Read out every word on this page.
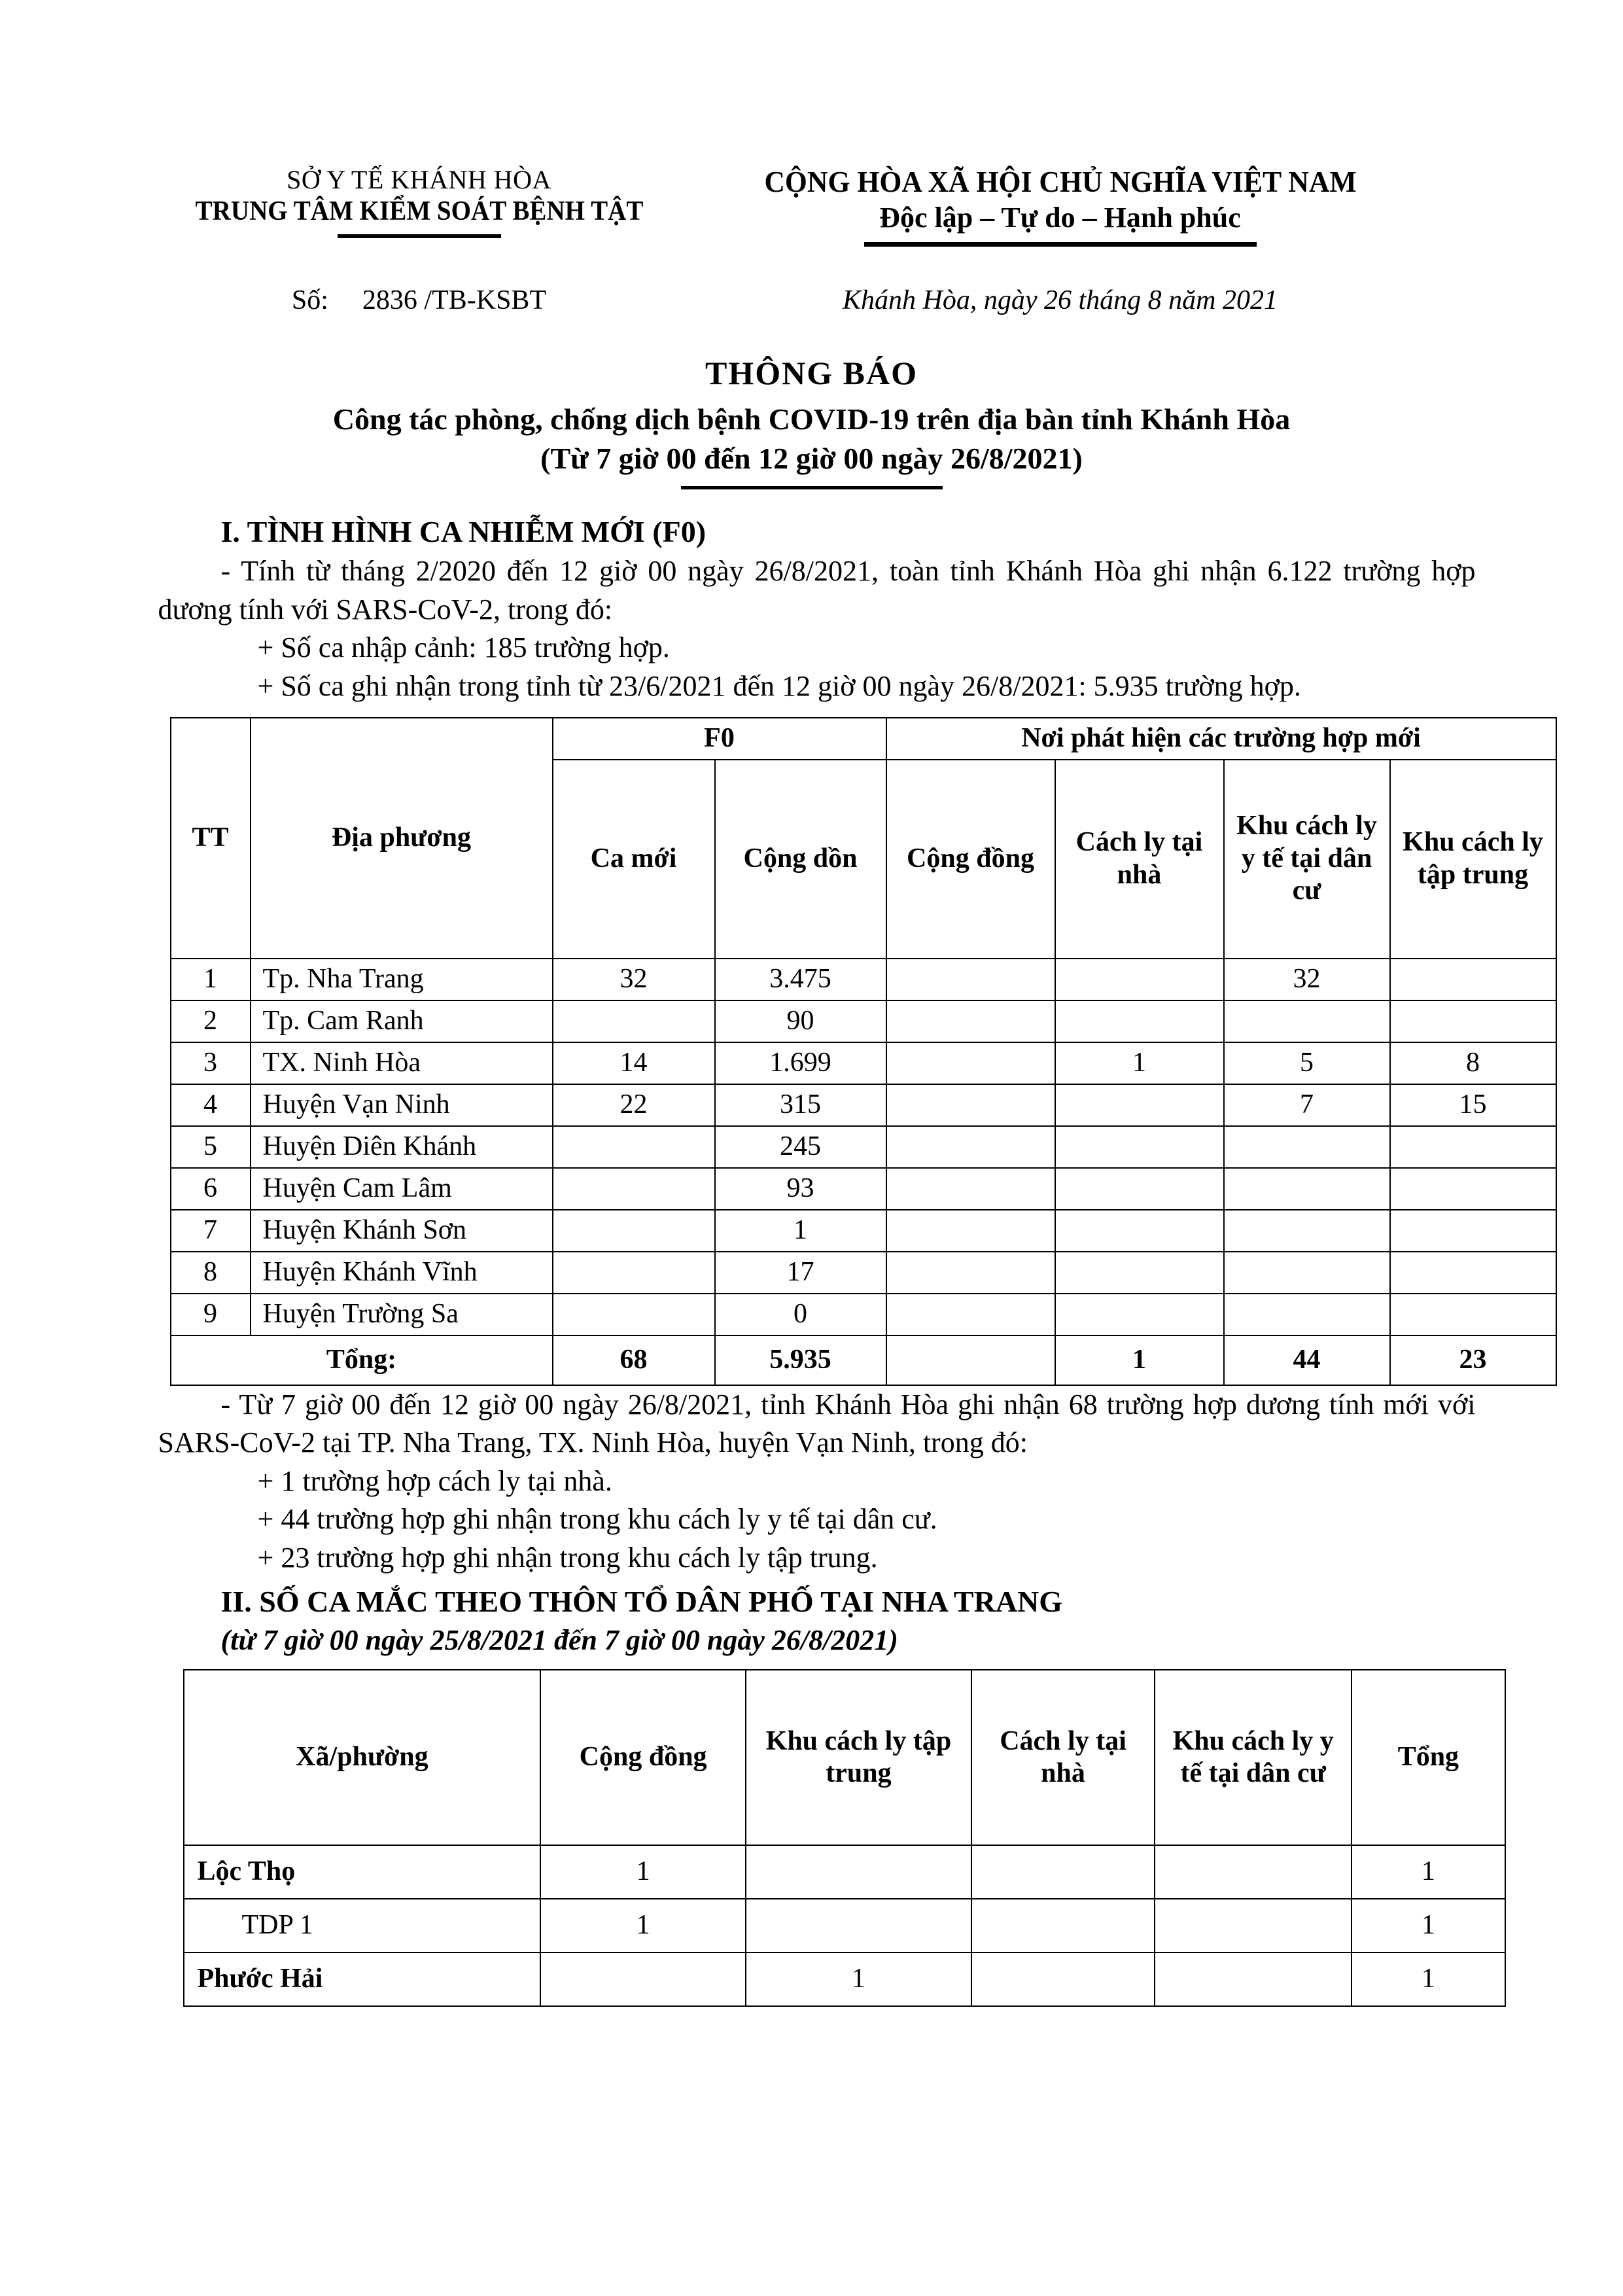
SỞ Y TẾ KHÁNH HÒA
TRUNG TÂM KIỂM SOÁT BỆNH TẬT
CỘNG HÒA XÃ HỘI CHỦ NGHĨA VIỆT NAM
Độc lập – Tự do – Hạnh phúc
Số: 2836 /TB-KSBT	Khánh Hòa, ngày 26 tháng 8 năm 2021
THÔNG BÁO
Công tác phòng, chống dịch bệnh COVID-19 trên địa bàn tỉnh Khánh Hòa
(Từ 7 giờ 00 đến 12 giờ 00 ngày 26/8/2021)
I. TÌNH HÌNH CA NHIỄM MỚI (F0)

- Tính từ tháng 2/2020 đến 12 giờ 00 ngày 26/8/2021, toàn tỉnh Khánh Hòa ghi nhận 6.122 trường hợp dương tính với SARS-CoV-2, trong đó:

+ Số ca nhập cảnh: 185 trường hợp.

+ Số ca ghi nhận trong tỉnh từ 23/6/2021 đến 12 giờ 00 ngày 26/8/2021: 5.935 trường hợp.

TT	Địa phương	F0		Nơi phát hiện các trường hợp mới			
		Ca mới	Cộng dồn	Cộng đồng	Cách ly tại nhà	Khu cách ly y tế tại dân cư	Khu cách ly tập trung

1	Tp. Nha Trang	32	3.475			32	
2	Tp. Cam Ranh		90				
3	TX. Ninh Hòa	14	1.699		1	5	8
4	Huyện Vạn Ninh	22	315			7	15
5	Huyện Diên Khánh		245				
6	Huyện Cam Lâm		93				
7	Huyện Khánh Sơn		1				
8	Huyện Khánh Vĩnh		17				
9	Huyện Trường Sa		0				
Tổng:		68	5.935		1	44	23

- Từ 7 giờ 00 đến 12 giờ 00 ngày 26/8/2021, tỉnh Khánh Hòa ghi nhận 68 trường hợp dương tính mới với SARS-CoV-2 tại TP. Nha Trang, TX. Ninh Hòa, huyện Vạn Ninh, trong đó:

+ 1 trường hợp cách ly tại nhà.

+ 44 trường hợp ghi nhận trong khu cách ly y tế tại dân cư.

+ 23 trường hợp ghi nhận trong khu cách ly tập trung.

II. SỐ CA MẮC THEO THÔN TỔ DÂN PHỐ TẠI NHA TRANG
(từ 7 giờ 00 ngày 25/8/2021 đến 7 giờ 00 ngày 26/8/2021)
Xã/phường	Cộng đồng	Khu cách ly tập trung	Cách ly tại nhà	Khu cách ly y tế tại dân cư	Tổng
Lộc Thọ	1				1
TDP 1	1				1
Phước Hải		1			1
